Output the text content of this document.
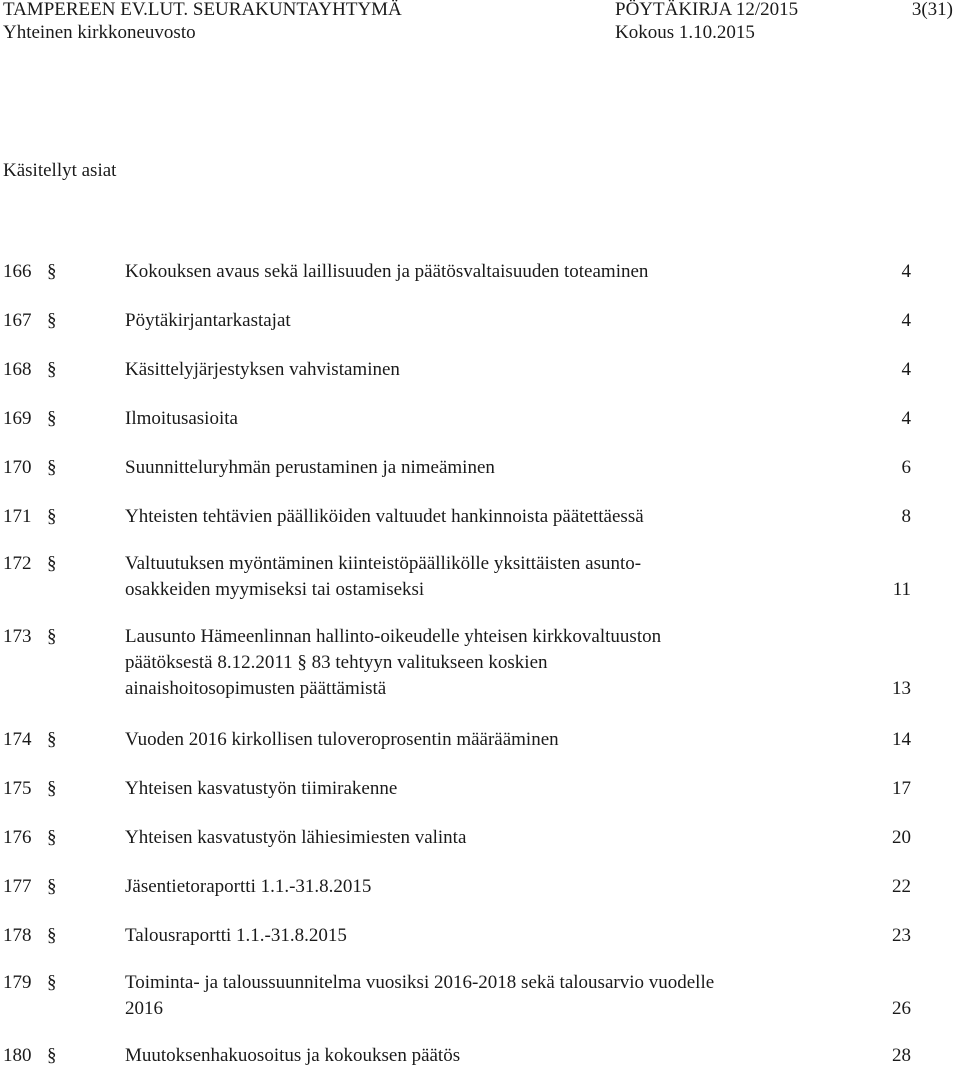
TAMPEREEN EV.LUT. SEURAKUNTAYHTYMÄ	PÖYTÄKIRJA 12/2015	3(31)
Yhteinen kirkkoneuvosto	Kokous 1.10.2015
Käsitellyt asiat
166 §	Kokouksen avaus sekä laillisuuden ja päätösvaltaisuuden toteaminen	4
167 §	Pöytäkirjantarkastajat	4
168 §	Käsittelyjärjestyksen vahvistaminen	4
169 §	Ilmoitusasioita	4
170 §	Suunnitteluryhmän perustaminen ja nimeäminen	6
171 §	Yhteisten tehtävien päälliköiden valtuudet hankinnoista päätettäessä	8
172 §	Valtuutuksen myöntäminen kiinteistöpäällikölle yksittäisten asunto-
osakkeiden myymiseksi tai ostamiseksi	11
173 §	Lausunto Hämeenlinnan hallinto-oikeudelle yhteisen kirkkovaltuuston
päätöksestä 8.12.2011 § 83 tehtyyn valitukseen koskien
ainaishoitosopimusten päättämistä	13
174 §	Vuoden 2016 kirkollisen tuloveroprosentin määrääminen	14
175 §	Yhteisen kasvatustyön tiimirakenne	17
176 §	Yhteisen kasvatustyön lähiesimiesten valinta	20
177 §	Jäsentietoraportti 1.1.-31.8.2015	22
178 §	Talousraportti 1.1.-31.8.2015	23
179 §	Toiminta- ja taloussuunnitelma vuosiksi 2016-2018 sekä talousarvio vuodelle
2016	26
180 §	Muutoksenhakuosoitus ja kokouksen päätös	28
